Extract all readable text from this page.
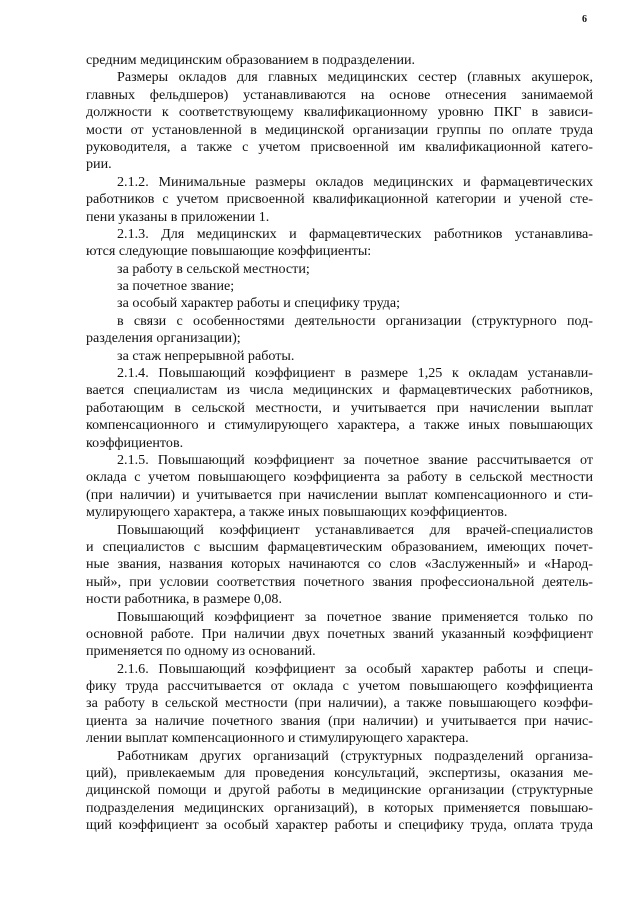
6
средним медицинским образованием в подразделении.
Размеры окладов для главных медицинских сестер (главных акушерок,
главных фельдшеров) устанавливаются на основе отнесения занимаемой
должности к соответствующему квалификационному уровню ПКГ в зависи-
мости от установленной в медицинской организации группы по оплате труда
руководителя, а также с учетом присвоенной им квалификационной катего-
рии.
2.1.2. Минимальные размеры окладов медицинских и фармацевтических
работников с учетом присвоенной квалификационной категории и ученой сте-
пени указаны в приложении 1.
2.1.3. Для медицинских и фармацевтических работников устанавлива-
ются следующие повышающие коэффициенты:
за работу в сельской местности;
за почетное звание;
за особый характер работы и специфику труда;
в связи с особенностями деятельности организации (структурного под-
разделения организации);
за стаж непрерывной работы.
2.1.4. Повышающий коэффициент в размере 1,25 к окладам устанавли-
вается специалистам из числа медицинских и фармацевтических работников,
работающим в сельской местности, и учитывается при начислении выплат
компенсационного и стимулирующего характера, а также иных повышающих
коэффициентов.
2.1.5. Повышающий коэффициент за почетное звание рассчитывается от
оклада с учетом повышающего коэффициента за работу в сельской местности
(при наличии) и учитывается при начислении выплат компенсационного и сти-
мулирующего характера, а также иных повышающих коэффициентов.
Повышающий коэффициент устанавливается для врачей-специалистов
и специалистов с высшим фармацевтическим образованием, имеющих почет-
ные звания, названия которых начинаются со слов «Заслуженный» и «Народ-
ный», при условии соответствия почетного звания профессиональной деятель-
ности работника, в размере 0,08.
Повышающий коэффициент за почетное звание применяется только по
основной работе. При наличии двух почетных званий указанный коэффициент
применяется по одному из оснований.
2.1.6. Повышающий коэффициент за особый характер работы и специ-
фику труда рассчитывается от оклада с учетом повышающего коэффициента
за работу в сельской местности (при наличии), а также повышающего коэффи-
циента за наличие почетного звания (при наличии) и учитывается при начис-
лении выплат компенсационного и стимулирующего характера.
Работникам других организаций (структурных подразделений организа-
ций), привлекаемым для проведения консультаций, экспертизы, оказания ме-
дицинской помощи и другой работы в медицинские организации (структурные
подразделения медицинских организаций), в которых применяется повышаю-
щий коэффициент за особый характер работы и специфику труда, оплата труда
